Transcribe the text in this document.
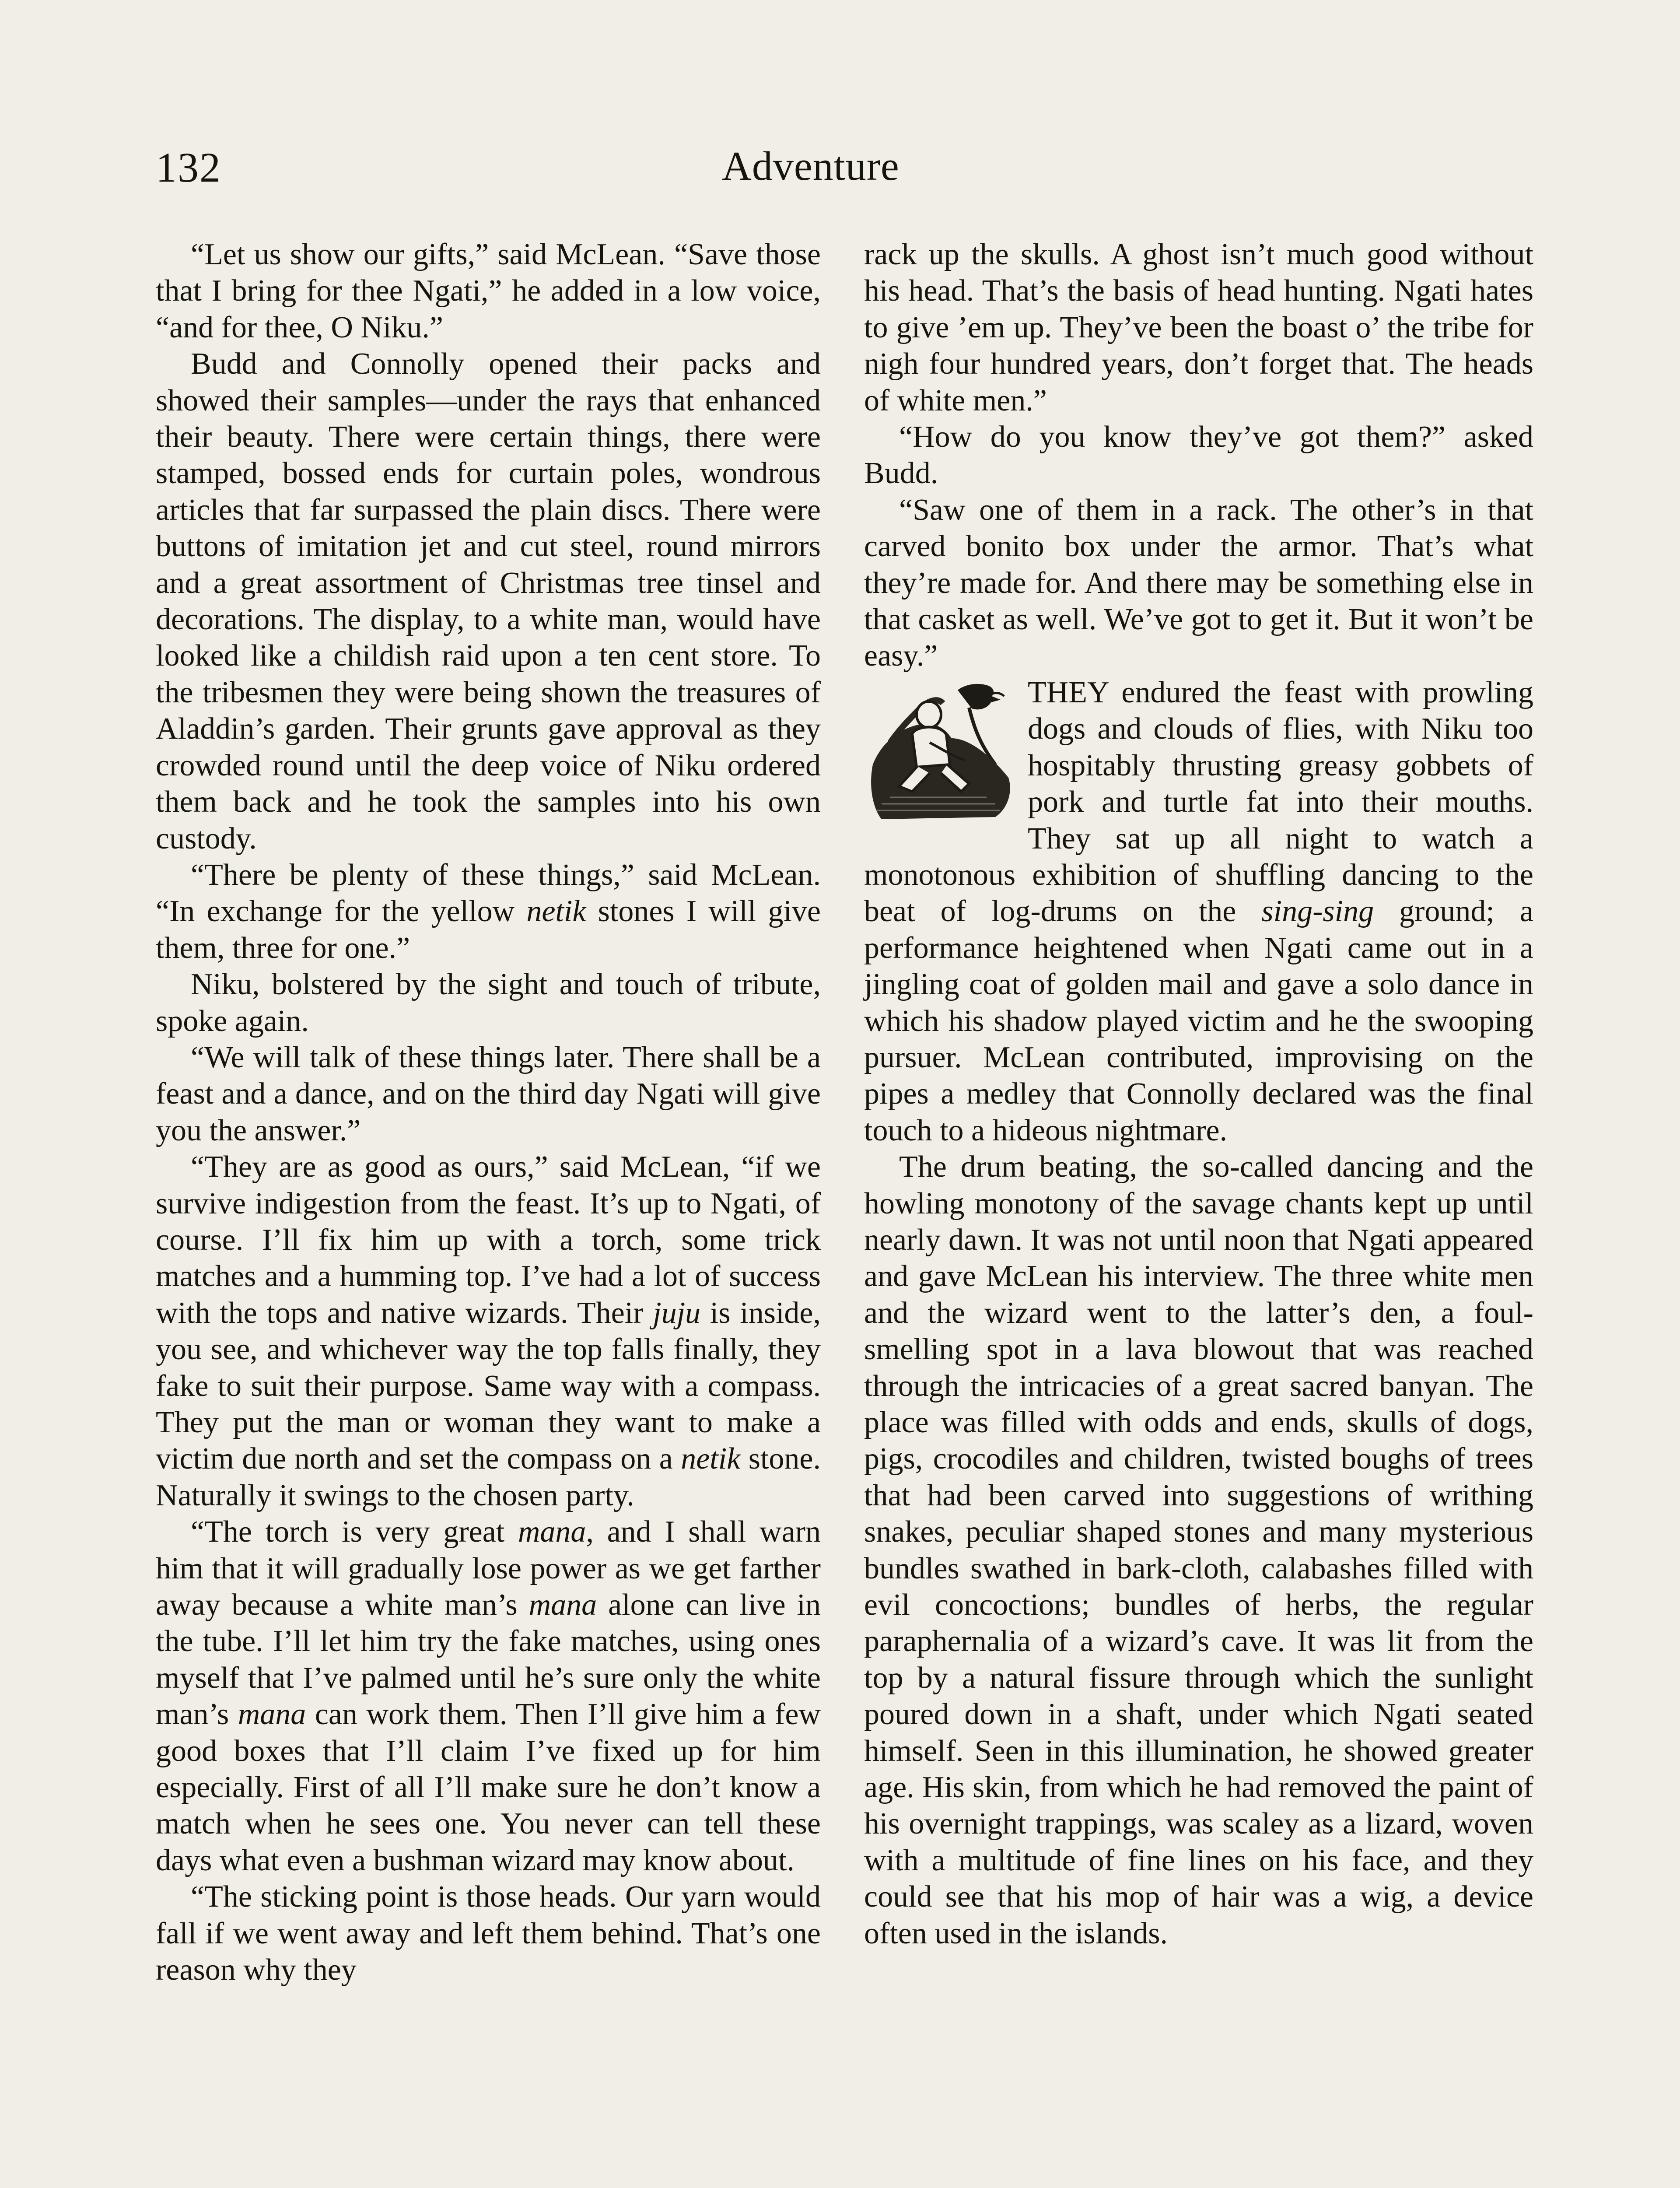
132	Adventure

“Let us show our gifts,” said McLean. “Save those that I bring for thee Ngati,” he added in a low voice, “and for thee, O Niku.”

Budd and Connolly opened their packs and showed their samples—under the rays that enhanced their beauty. There were certain things, there were stamped, bossed ends for curtain poles, wondrous articles that far surpassed the plain discs. There were buttons of imitation jet and cut steel, round mirrors and a great assortment of Christmas tree tinsel and decorations. The display, to a white man, would have looked like a childish raid upon a ten cent store. To the tribesmen they were being shown the treasures of Aladdin’s garden. Their grunts gave approval as they crowded round until the deep voice of Niku ordered them back and he took the samples into his own custody.

“There be plenty of these things,” said McLean. “In exchange for the yellow netik stones I will give them, three for one.”

Niku, bolstered by the sight and touch of tribute, spoke again.

“We will talk of these things later. There shall be a feast and a dance, and on the third day Ngati will give you the answer.”

“They are as good as ours,” said McLean, “if we survive indigestion from the feast. It’s up to Ngati, of course. I’ll fix him up with a torch, some trick matches and a humming top. I’ve had a lot of success with the tops and native wizards. Their juju is inside, you see, and whichever way the top falls finally, they fake to suit their purpose. Same way with a compass. They put the man or woman they want to make a victim due north and set the compass on a netik stone. Naturally it swings to the chosen party.

“The torch is very great mana, and I shall warn him that it will gradually lose power as we get farther away because a white man’s mana alone can live in the tube. I’ll let him try the fake matches, using ones myself that I’ve palmed until he’s sure only the white man’s mana can work them. Then I’ll give him a few good boxes that I’ll claim I’ve fixed up for him especially. First of all I’ll make sure he don’t know a match when he sees one. You never can tell these days what even a bushman wizard may know about.

“The sticking point is those heads. Our yarn would fall if we went away and left them behind. That’s one reason why they

rack up the skulls. A ghost isn’t much good without his head. That’s the basis of head hunting. Ngati hates to give ’em up. They’ve been the boast o’ the tribe for nigh four hundred years, don’t forget that. The heads of white men.”

“How do you know they’ve got them?” asked Budd.

“Saw one of them in a rack. The other’s in that carved bonito box under the armor. That’s what they’re made for. And there may be something else in that casket as well. We’ve got to get it. But it won’t be easy.”

THEY endured the feast with prowling dogs and clouds of flies, with Niku too hospitably thrusting greasy gobbets of pork and turtle fat into their mouths. They sat up all night to watch a monotonous exhibition of shuffling dancing to the beat of log-drums on the sing-sing ground; a performance heightened when Ngati came out in a jingling coat of golden mail and gave a solo dance in which his shadow played victim and he the swooping pursuer. McLean contributed, improvising on the pipes a medley that Connolly declared was the final touch to a hideous nightmare.

The drum beating, the so-called dancing and the howling monotony of the savage chants kept up until nearly dawn. It was not until noon that Ngati appeared and gave McLean his interview. The three white men and the wizard went to the latter’s den, a foul-smelling spot in a lava blowout that was reached through the intricacies of a great sacred banyan. The place was filled with odds and ends, skulls of dogs, pigs, crocodiles and children, twisted boughs of trees that had been carved into suggestions of writhing snakes, peculiar shaped stones and many mysterious bundles swathed in bark-cloth, calabashes filled with evil concoctions; bundles of herbs, the regular paraphernalia of a wizard’s cave. It was lit from the top by a natural fissure through which the sunlight poured down in a shaft, under which Ngati seated himself. Seen in this illumination, he showed greater age. His skin, from which he had removed the paint of his overnight trappings, was scaley as a lizard, woven with a multitude of fine lines on his face, and they could see that his mop of hair was a wig, a device often used in the islands.
